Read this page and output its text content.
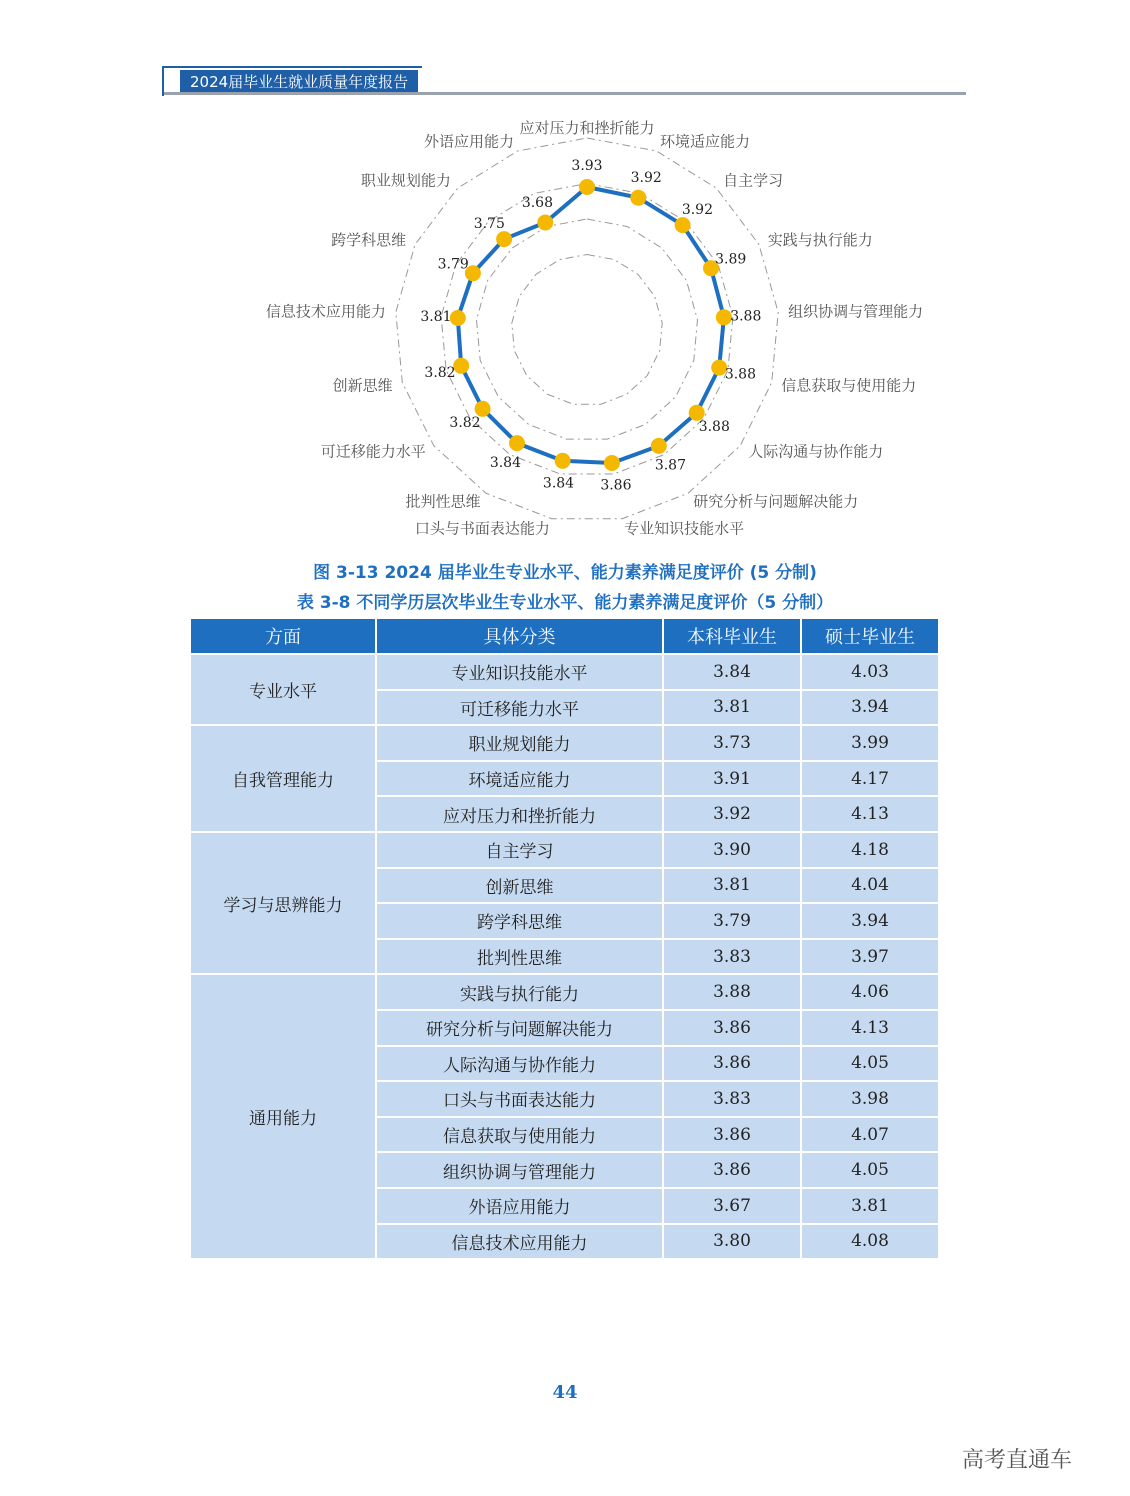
2024届毕业生就业质量年度报告
3.93
应对压力和挫折能力
3.92
环境适应能力
3.92
自主学习
3.89
实践与执行能力
3.88 组织协调与管理能力
3.88
信息获取与使用能力
3.88
人际沟通与协作能力
3.87
研究分析与问题解决能力
3.86
专业知识技能水平
3.84
口头与书面表达能力
3.84
批判性思维
3.82
可迁移能力水平
3.82
创新思维
3.81
信息技术应用能力
3.79
跨学科思维
3.75
职业规划能力
3.68
外语应用能力
图 3-13 2024 届毕业生专业水平、能力素养满足度评价 (5 分制)
表 3-8 不同学历层次毕业生专业水平、能力素养满足度评价（5 分制）
方面	具体分类	本科毕业生	硕士毕业生
专业水平	专业知识技能水平	3.84	4.03
	可迁移能力水平	3.81	3.94
自我管理能力	职业规划能力	3.73	3.99
	环境适应能力	3.91	4.17
	应对压力和挫折能力	3.92	4.13
学习与思辨能力	自主学习	3.90	4.18
	创新思维	3.81	4.04
	跨学科思维	3.79	3.94
	批判性思维	3.83	3.97
通用能力	实践与执行能力	3.88	4.06
	研究分析与问题解决能力	3.86	4.13
	人际沟通与协作能力	3.86	4.05
	口头与书面表达能力	3.83	3.98
	信息获取与使用能力	3.86	4.07
	组织协调与管理能力	3.86	4.05
	外语应用能力	3.67	3.81
	信息技术应用能力	3.80	4.08
44
高考直通车
